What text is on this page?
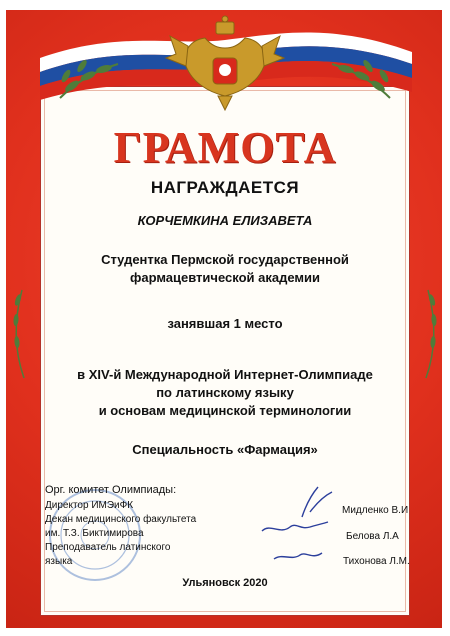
ГРАМОТА
НАГРАЖДАЕТСЯ
КОРЧЕМКИНА ЕЛИЗАВЕТА
Студентка Пермской государственной
фармацевтической академии
занявшая 1 место
в XIV-й Международной Интернет-Олимпиаде
по латинскому языку
и основам медицинской терминологии
Специальность «Фармация»
Орг. комитет Олимпиады:
Директор ИМЭиФК
Декан медицинского факультета
им. Т.З. Биктимирова
Преподаватель латинского
языка
Мидленко В.И
Белова Л.А
Тихонова Л.М.
Ульяновск 2020
